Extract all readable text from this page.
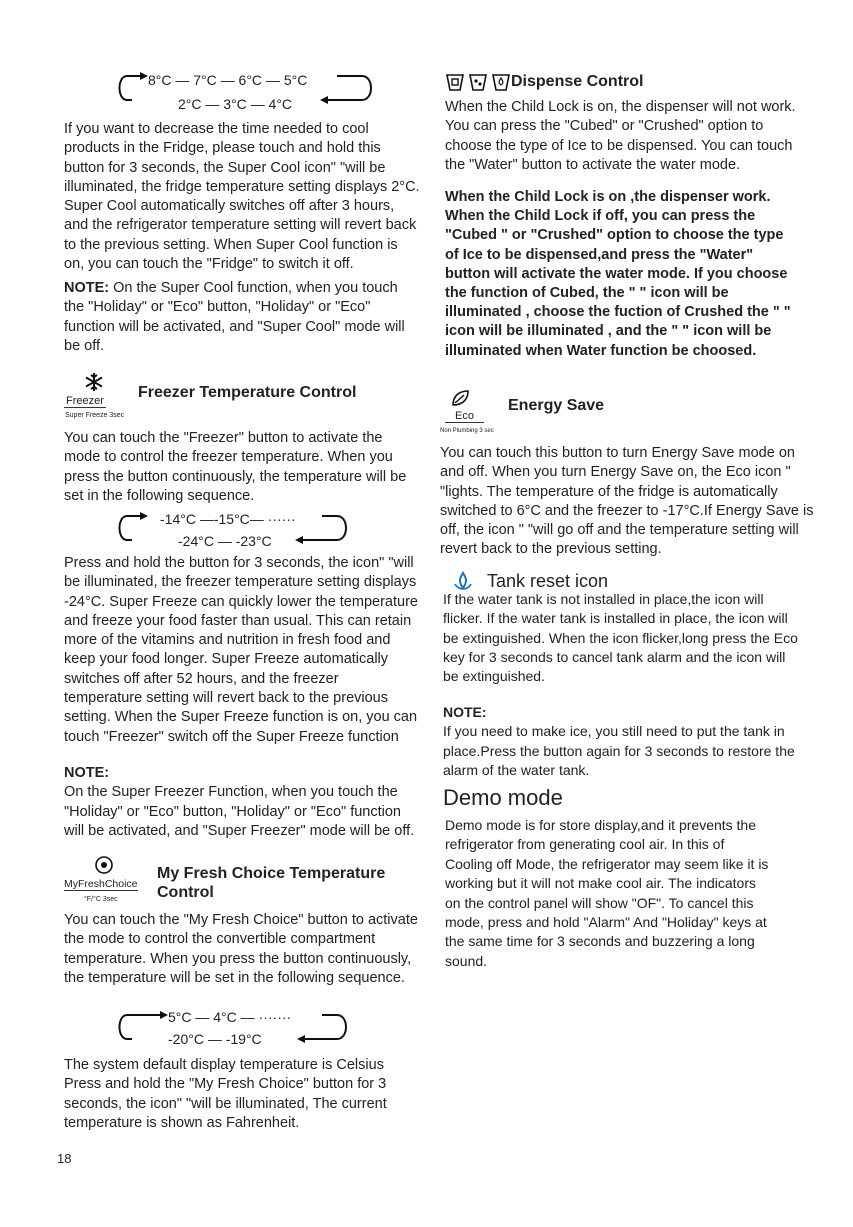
8°C — 7°C — 6°C — 5°C
2°C — 3°C — 4°C

If you want to decrease the time needed to cool products in the Fridge, please touch and hold this button for 3 seconds, the Super Cool icon" "will be illuminated, the fridge temperature setting displays 2°C. Super Cool automatically switches off after 3 hours, and the refrigerator temperature setting will revert back to the previous setting. When Super Cool function is on, you can touch the "Fridge" to switch it off.

NOTE: On the Super Cool function, when you touch the "Holiday" or "Eco" button, "Holiday" or "Eco" function will be activated, and "Super Cool" mode will be off.

Freezer
Super Freeze 3sec
Freezer Temperature Control

You can touch the "Freezer" button to activate the mode to control the freezer temperature. When you press the button continuously, the temperature will be set in the following sequence.

-14°C —-15°C— ······
-24°C — -23°C

Press and hold the button for 3 seconds, the icon" "will be illuminated, the freezer temperature setting displays -24°C. Super Freeze can quickly lower the temperature and freeze your food faster than usual. This can retain more of the vitamins and nutrition in fresh food and keep your food longer. Super Freeze automatically switches off after 52 hours, and the freezer temperature setting will revert back to the previous setting. When the Super Freeze function is on, you can touch "Freezer" switch off the Super Freeze function

NOTE:
On the Super Freezer Function, when you touch the "Holiday" or "Eco" button, "Holiday" or "Eco" function will be activated, and "Super Freezer" mode will be off.

MyFreshChoice
°F/°C 3sec
My Fresh Choice Temperature
Control

You can touch the "My Fresh Choice" button to activate the mode to control the convertible compartment temperature. When you press the button continuously, the temperature will be set in the following sequence.

5°C — 4°C — ·······
-20°C — -19°C

The system default display temperature is Celsius Press and hold the "My Fresh Choice" button for 3 seconds, the icon" "will be illuminated, The current temperature is shown as Fahrenheit.

18
Dispense Control

When the Child Lock is on, the dispenser will not work. You can press the "Cubed" or "Crushed" option to choose the type of Ice to be dispensed. You can touch the "Water" button to activate the water mode.

When the Child Lock is on ,the dispenser work. When the Child Lock if off, you can press the "Cubed " or "Crushed" option to choose the type of Ice to be dispensed,and press the "Water" button will activate the water mode. If you choose the function of Cubed, the " " icon will be illuminated , choose the fuction of Crushed the " " icon will be illuminated , and the " " icon will be illuminated when Water function be choosed.

Eco
Non Plumbing 3 sec
Energy Save

You can touch this button to turn Energy Save mode on and off. When you turn Energy Save on, the Eco icon " "lights. The temperature of the fridge is automatically switched to 6°C and the freezer to -17°C.If Energy Save is off, the icon " "will go off and the temperature setting will revert back to the previous setting.

Tank reset icon

If the water tank is not installed in place,the icon will flicker. If the water tank is installed in place, the icon will be extinguished. When the icon flicker,long press the Eco key for 3 seconds to cancel tank alarm and the icon will be extinguished.

NOTE:
If you need to make ice, you still need to put the tank in place.Press the button again for 3 seconds to restore the alarm of the water tank.

Demo mode

Demo mode is for store display,and it prevents the refrigerator from generating cool air. In this of Cooling off Mode, the refrigerator may seem like it is working but it will not make cool air. The indicators on the control panel will show "OF". To cancel this mode, press and hold "Alarm" And "Holiday" keys at the same time for 3 seconds and buzzering a long sound.
